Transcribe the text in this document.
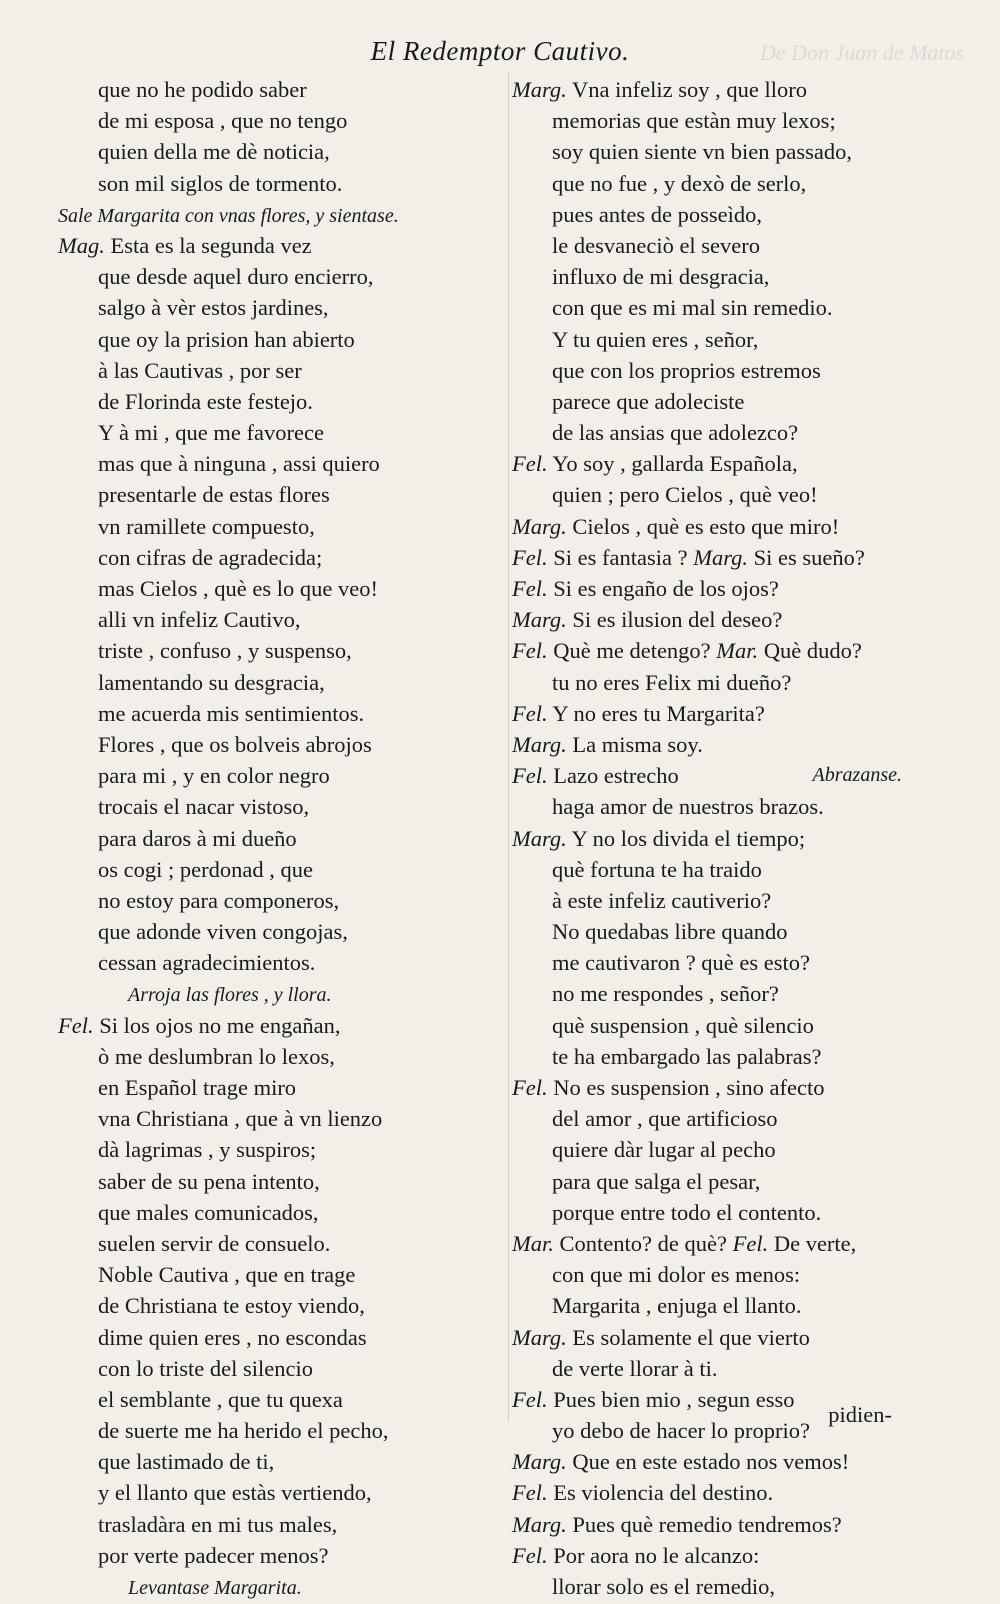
De Don Juan de Matos
El Redemptor Cautivo.
que no he podido saber
de mi esposa , que no tengo
quien della me dè noticia,
son mil siglos de tormento.
Sale Margarita con vnas flores, y sientase.
Mag. Esta es la segunda vez
que desde aquel duro encierro,
salgo à vèr estos jardines,
que oy la prision han abierto
à las Cautivas , por ser
de Florinda este festejo.
Y à mi , que me favorece
mas que à ninguna , assi quiero
presentarle de estas flores
vn ramillete compuesto,
con cifras de agradecida;
mas Cielos , què es lo que veo!
alli vn infeliz Cautivo,
triste , confuso , y suspenso,
lamentando su desgracia,
me acuerda mis sentimientos.
Flores , que os bolveis abrojos
para mi , y en color negro
trocais el nacar vistoso,
para daros à mi dueño
os cogi ; perdonad , que
no estoy para componeros,
que adonde viven congojas,
cessan agradecimientos.
Arroja las flores , y llora.
Fel. Si los ojos no me engañan,
ò me deslumbran lo lexos,
en Español trage miro
vna Christiana , que à vn lienzo
dà lagrimas , y suspiros;
saber de su pena intento,
que males comunicados,
suelen servir de consuelo.
Noble Cautiva , que en trage
de Christiana te estoy viendo,
dime quien eres , no escondas
con lo triste del silencio
el semblante , que tu quexa
de suerte me ha herido el pecho,
que lastimado de ti,
y el llanto que estàs vertiendo,
trasladàra en mi tus males,
por verte padecer menos?
Levantase Margarita.
Marg. Vna infeliz soy , que lloro
memorias que estàn muy lexos;
soy quien siente vn bien passado,
que no fue , y dexò de serlo,
pues antes de posseìdo,
le desvaneciò el severo
influxo de mi desgracia,
con que es mi mal sin remedio.
Y tu quien eres , señor,
que con los proprios estremos
parece que adoleciste
de las ansias que adolezco?
Fel. Yo soy , gallarda Española,
quien ; pero Cielos , què veo!
Marg. Cielos , què es esto que miro!
Fel. Si es fantasia ? Marg. Si es sueño?
Fel. Si es engaño de los ojos?
Marg. Si es ilusion del deseo?
Fel. Què me detengo? Mar. Què dudo?
tu no eres Felix mi dueño?
Fel. Y no eres tu Margarita?
Marg. La misma soy.
Abrazanse.
Fel. Lazo estrecho
haga amor de nuestros brazos.
Marg. Y no los divida el tiempo;
què fortuna te ha traido
à este infeliz cautiverio?
No quedabas libre quando
me cautivaron ? què es esto?
no me respondes , señor?
què suspension , què silencio
te ha embargado las palabras?
Fel. No es suspension , sino afecto
del amor , que artificioso
quiere dàr lugar al pecho
para que salga el pesar,
porque entre todo el contento.
Mar. Contento? de què? Fel. De verte,
con que mi dolor es menos:
Margarita , enjuga el llanto.
Marg. Es solamente el que vierto
de verte llorar à ti.
Fel. Pues bien mio , segun esso
yo debo de hacer lo proprio?
Marg. Que en este estado nos vemos!
Fel. Es violencia del destino.
Marg. Pues què remedio tendremos?
Fel. Por aora no le alcanzo:
llorar solo es el remedio,
pidien-
